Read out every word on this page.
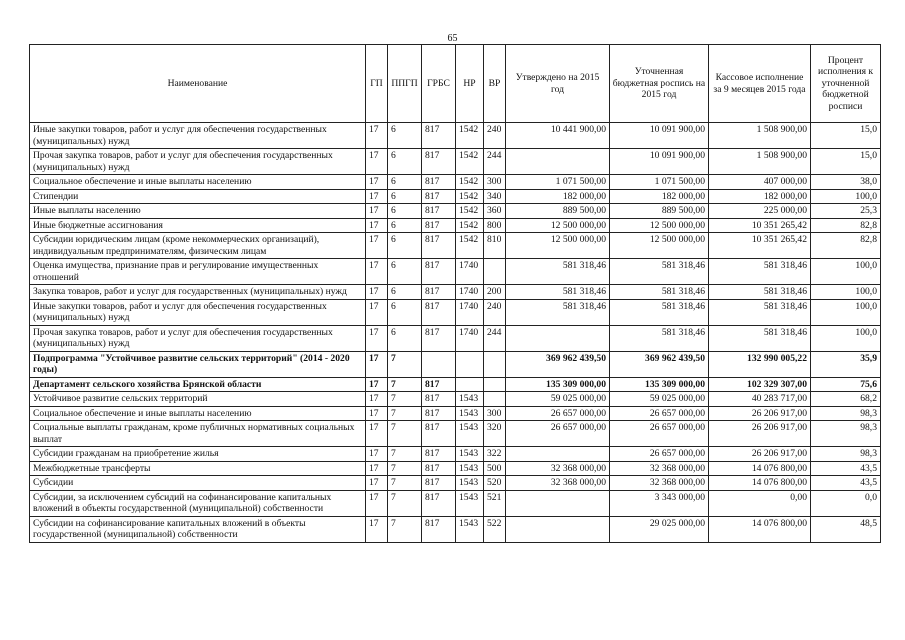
65
Наименование	ГП	ППГП	ГРБС	НР	ВР	Утверждено на 2015 год	Уточненная бюджетная роспись на 2015 год	Кассовое исполнение за 9 месяцев 2015 года	Процент исполнения к уточненной бюджетной росписи
Иные закупки товаров, работ и услуг для обеспечения государственных (муниципальных) нужд	17	6	817	1542	240	10 441 900,00	10 091 900,00	1 508 900,00	15,0
Прочая закупка товаров, работ и услуг для обеспечения государственных (муниципальных) нужд	17	6	817	1542	244		10 091 900,00	1 508 900,00	15,0
Социальное обеспечение и иные выплаты населению	17	6	817	1542	300	1 071 500,00	1 071 500,00	407 000,00	38,0
Стипендии	17	6	817	1542	340	182 000,00	182 000,00	182 000,00	100,0
Иные выплаты населению	17	6	817	1542	360	889 500,00	889 500,00	225 000,00	25,3
Иные бюджетные ассигнования	17	6	817	1542	800	12 500 000,00	12 500 000,00	10 351 265,42	82,8
Субсидии юридическим лицам (кроме некоммерческих организаций), индивидуальным предпринимателям, физическим лицам	17	6	817	1542	810	12 500 000,00	12 500 000,00	10 351 265,42	82,8
Оценка имущества, признание прав и регулирование имущественных отношений	17	6	817	1740		581 318,46	581 318,46	581 318,46	100,0
Закупка товаров, работ и услуг для государственных (муниципальных) нужд	17	6	817	1740	200	581 318,46	581 318,46	581 318,46	100,0
Иные закупки товаров, работ и услуг для обеспечения государственных (муниципальных) нужд	17	6	817	1740	240	581 318,46	581 318,46	581 318,46	100,0
Прочая закупка товаров, работ и услуг для обеспечения государственных (муниципальных) нужд	17	6	817	1740	244		581 318,46	581 318,46	100,0
Подпрограмма "Устойчивое развитие сельских территорий" (2014 - 2020 годы)	17	7				369 962 439,50	369 962 439,50	132 990 005,22	35,9
Департамент сельского хозяйства Брянской области	17	7	817			135 309 000,00	135 309 000,00	102 329 307,00	75,6
Устойчивое развитие сельских территорий	17	7	817	1543		59 025 000,00	59 025 000,00	40 283 717,00	68,2
Социальное обеспечение и иные выплаты населению	17	7	817	1543	300	26 657 000,00	26 657 000,00	26 206 917,00	98,3
Социальные выплаты гражданам, кроме публичных нормативных социальных выплат	17	7	817	1543	320	26 657 000,00	26 657 000,00	26 206 917,00	98,3
Субсидии гражданам на приобретение жилья	17	7	817	1543	322		26 657 000,00	26 206 917,00	98,3
Межбюджетные трансферты	17	7	817	1543	500	32 368 000,00	32 368 000,00	14 076 800,00	43,5
Субсидии	17	7	817	1543	520	32 368 000,00	32 368 000,00	14 076 800,00	43,5
Субсидии, за исключением субсидий на софинансирование капитальных вложений в объекты государственной (муниципальной) собственности	17	7	817	1543	521		3 343 000,00	0,00	0,0
Субсидии на софинансирование капитальных вложений в объекты государственной (муниципальной) собственности	17	7	817	1543	522		29 025 000,00	14 076 800,00	48,5
